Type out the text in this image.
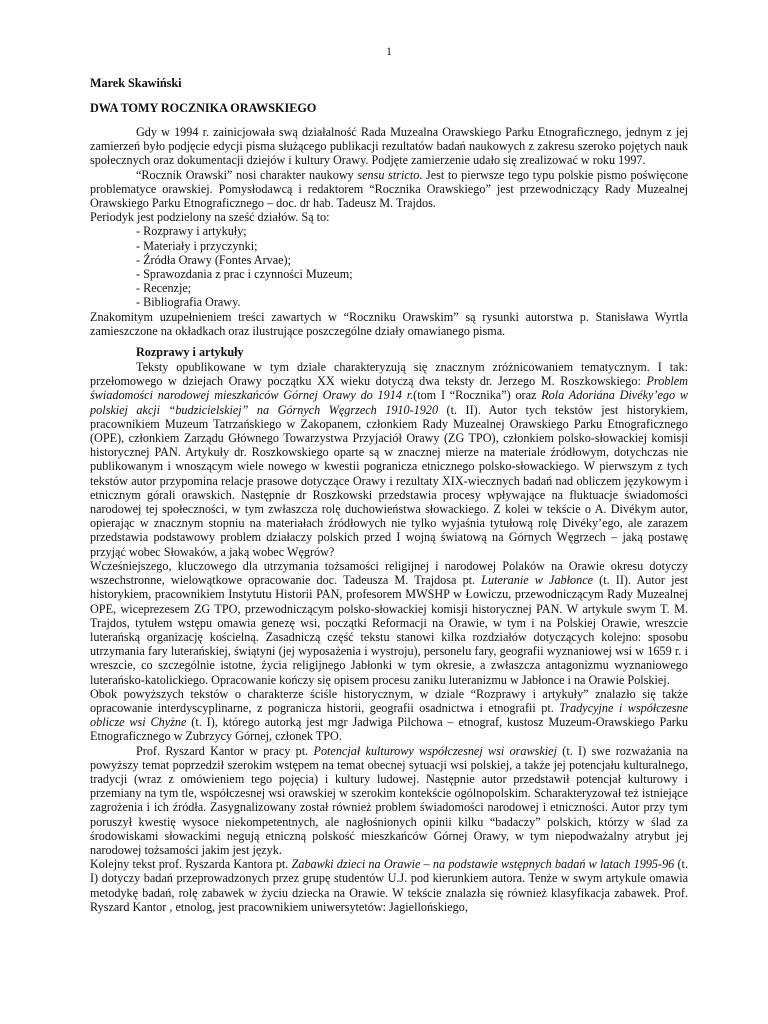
1
Marek Skawiński
DWA TOMY ROCZNIKA ORAWSKIEGO

Gdy w 1994 r. zainicjowała swą działalność Rada Muzealna Orawskiego Parku Etnograficznego, jednym z jej zamierzeń było podjęcie edycji pisma służącego publikacji rezultatów badań naukowych z zakresu szeroko pojętych nauk społecznych oraz dokumentacji dziejów i kultury Orawy. Podjęte zamierzenie udało się zrealizować w roku 1997.

“Rocznik Orawski” nosi charakter naukowy sensu stricto. Jest to pierwsze tego typu polskie pismo poświęcone problematyce orawskiej. Pomysłodawcą i redaktorem “Rocznika Orawskiego” jest przewodniczący Rady Muzealnej Orawskiego Parku Etnograficznego – doc. dr hab. Tadeusz M. Trajdos.

Periodyk jest podzielony na sześć działów. Są to:

- Rozprawy i artykuły;
- Materiały i przyczynki;
- Źródła Orawy (Fontes Arvae);
- Sprawozdania z prac i czynności Muzeum;
- Recenzje;
- Bibliografia Orawy.

Znakomitym uzupełnieniem treści zawartych w “Roczniku Orawskim” są rysunki autorstwa p. Stanisława Wyrtla zamieszczone na okładkach oraz ilustrujące poszczególne działy omawianego pisma.

Rozprawy i artykuły

Teksty opublikowane w tym dziale charakteryzują się znacznym zróżnicowaniem tematycznym. I tak: przełomowego w dziejach Orawy początku XX wieku dotyczą dwa teksty dr. Jerzego M. Roszkowskiego: Problem świadomości narodowej mieszkańców Górnej Orawy do 1914 r.(tom I “Rocznika”) oraz Rola Adoriána Divéky’ego w polskiej akcji “budzicielskiej” na Górnych Węgrzech 1910-1920 (t. II). Autor tych tekstów jest historykiem, pracownikiem Muzeum Tatrzańskiego w Zakopanem, członkiem Rady Muzealnej Orawskiego Parku Etnograficznego (OPE), członkiem Zarządu Głównego Towarzystwa Przyjaciół Orawy (ZG TPO), członkiem polsko-słowackiej komisji historycznej PAN. Artykuły dr. Roszkowskiego oparte są w znacznej mierze na materiale źródłowym, dotychczas nie publikowanym i wnoszącym wiele nowego w kwestii pogranicza etnicznego polsko-słowackiego. W pierwszym z tych tekstów autor przypomina relacje prasowe dotyczące Orawy i rezultaty XIX-wiecznych badań nad obliczem językowym i etnicznym górali orawskich. Następnie dr Roszkowski przedstawia procesy wpływające na fluktuacje świadomości narodowej tej społeczności, w tym zwłaszcza rolę duchowieństwa słowackiego. Z kolei w tekście o A. Divékym autor, opierając w znacznym stopniu na materiałach źródłowych nie tylko wyjaśnia tytułową rolę Divéky’ego, ale zarazem przedstawia podstawowy problem działaczy polskich przed I wojną światową na Górnych Węgrzech – jaką postawę przyjąć wobec Słowaków, a jaką wobec Węgrów?

Wcześniejszego, kluczowego dla utrzymania tożsamości religijnej i narodowej Polaków na Orawie okresu dotyczy wszechstronne, wielowątkowe opracowanie doc. Tadeusza M. Trajdosa pt. Luteranie w Jabłonce (t. II). Autor jest historykiem, pracownikiem Instytutu Historii PAN, profesorem MWSHP w Łowiczu, przewodniczącym Rady Muzealnej OPE, wiceprezesem ZG TPO, przewodniczącym polsko-słowackiej komisji historycznej PAN. W artykule swym T. M. Trajdos, tytułem wstępu omawia genezę wsi, początki Reformacji na Orawie, w tym i na Polskiej Orawie, wreszcie luterańską organizację kościelną. Zasadniczą część tekstu stanowi kilka rozdziałów dotyczących kolejno: sposobu utrzymania fary luterańskiej, świątyni (jej wyposażenia i wystroju), personelu fary, geografii wyznaniowej wsi w 1659 r. i wreszcie, co szczególnie istotne, życia religijnego Jabłonki w tym okresie, a zwłaszcza antagonizmu wyznaniowego luterańsko-katolickiego. Opracowanie kończy się opisem procesu zaniku luteranizmu w Jabłonce i na Orawie Polskiej.

Obok powyższych tekstów o charakterze ściśle historycznym, w dziale “Rozprawy i artykuły” znalazło się także opracowanie interdyscyplinarne, z pogranicza historii, geografii osadnictwa i etnografii pt. Tradycyjne i współczesne oblicze wsi Chyżne (t. I), którego autorką jest mgr Jadwiga Pilchowa – etnograf, kustosz Muzeum-Orawskiego Parku Etnograficznego w Zubrzycy Górnej, członek TPO.

Prof. Ryszard Kantor w pracy pt. Potencjał kulturowy współczesnej wsi orawskiej (t. I) swe rozważania na powyższy temat poprzedził szerokim wstępem na temat obecnej sytuacji wsi polskiej, a także jej potencjału kulturalnego, tradycji (wraz z omówieniem tego pojęcia) i kultury ludowej. Następnie autor przedstawił potencjał kulturowy i przemiany na tym tle, współczesnej wsi orawskiej w szerokim kontekście ogólnopolskim. Scharakteryzował też istniejące zagrożenia i ich źródła. Zasygnalizowany został również problem świadomości narodowej i etniczności. Autor przy tym poruszył kwestię wysoce niekompetentnych, ale nagłośnionych opinii kilku “badaczy” polskich, którzy w ślad za środowiskami słowackimi negują etniczną polskość mieszkańców Górnej Orawy, w tym niepodważalny atrybut jej narodowej tożsamości jakim jest język.

Kolejny tekst prof. Ryszarda Kantora pt. Zabawki dzieci na Orawie – na podstawie wstępnych badań w latach 1995-96 (t. I) dotyczy badań przeprowadzonych przez grupę studentów U.J. pod kierunkiem autora. Tenże w swym artykule omawia metodykę badań, rolę zabawek w życiu dziecka na Orawie. W tekście znalazła się również klasyfikacja zabawek. Prof. Ryszard Kantor , etnolog, jest pracownikiem uniwersytetów: Jagiellońskiego,
